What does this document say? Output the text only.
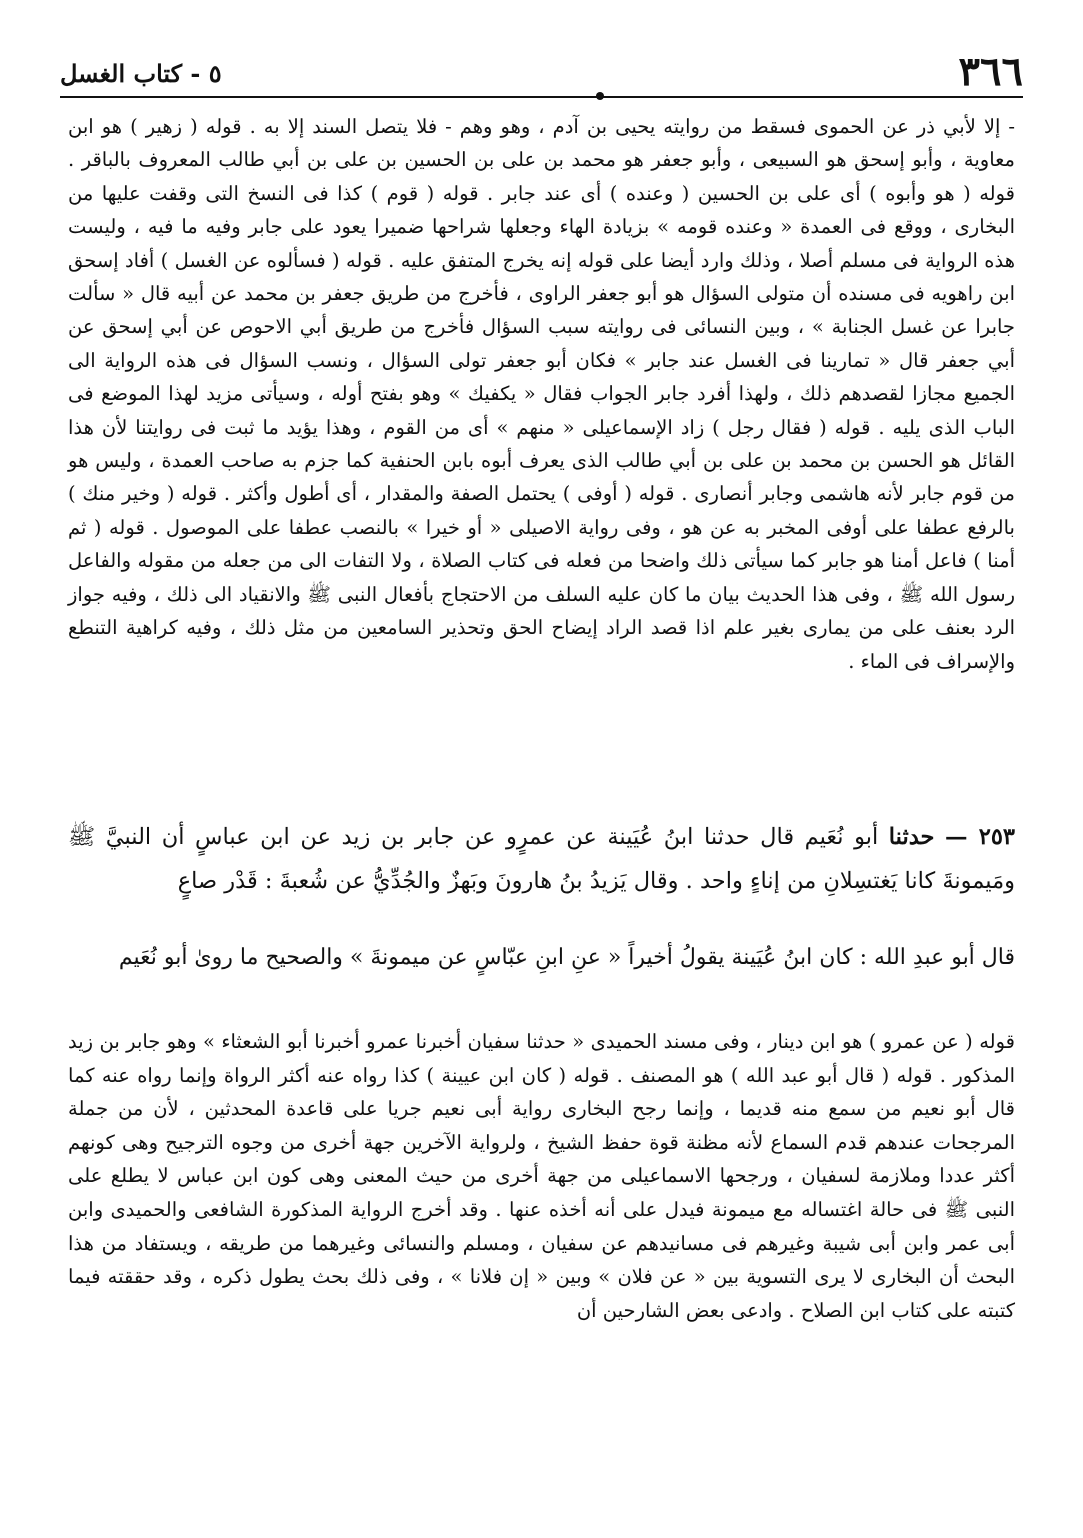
٣٦٦
٥ - كتاب الغسل

- إلا لأبي ذر عن الحموى فسقط من روايته يحيى بن آدم ، وهو وهم - فلا يتصل السند إلا به . قوله ( زهير ) هو ابن معاوية ، وأبو إسحق هو السبيعى ، وأبو جعفر هو محمد بن على بن الحسين بن على بن أبي طالب المعروف بالباقر . قوله ( هو وأبوه ) أى على بن الحسين ( وعنده ) أى عند جابر . قوله ( قوم ) كذا فى النسخ التى وقفت عليها من البخارى ، ووقع فى العمدة « وعنده قومه » بزيادة الهاء وجعلها شراحها ضميرا يعود على جابر وفيه ما فيه ، وليست هذه الرواية فى مسلم أصلا ، وذلك وارد أيضا على قوله إنه يخرج المتفق عليه . قوله ( فسألوه عن الغسل ) أفاد إسحق ابن راهويه فى مسنده أن متولى السؤال هو أبو جعفر الراوى ، فأخرج من طريق جعفر بن محمد عن أبيه قال « سألت جابرا عن غسل الجنابة » ، وبين النسائى فى روايته سبب السؤال فأخرج من طريق أبي الاحوص عن أبي إسحق عن أبي جعفر قال « تمارينا فى الغسل عند جابر » فكان أبو جعفر تولى السؤال ، ونسب السؤال فى هذه الرواية الى الجميع مجازا لقصدهم ذلك ، ولهذا أفرد جابر الجواب فقال « يكفيك » وهو بفتح أوله ، وسيأتى مزيد لهذا الموضع فى الباب الذى يليه . قوله ( فقال رجل ) زاد الإسماعيلى « منهم » أى من القوم ، وهذا يؤيد ما ثبت فى روايتنا لأن هذا القائل هو الحسن بن محمد بن على بن أبي طالب الذى يعرف أبوه بابن الحنفية كما جزم به صاحب العمدة ، وليس هو من قوم جابر لأنه هاشمى وجابر أنصارى . قوله ( أوفى ) يحتمل الصفة والمقدار ، أى أطول وأكثر . قوله ( وخير منك ) بالرفع عطفا على أوفى المخبر به عن هو ، وفى رواية الاصيلى « أو خيرا » بالنصب عطفا على الموصول . قوله ( ثم أمنا ) فاعل أمنا هو جابر كما سيأتى ذلك واضحا من فعله فى كتاب الصلاة ، ولا التفات الى من جعله من مقوله والفاعل رسول الله ﷺ ، وفى هذا الحديث بيان ما كان عليه السلف من الاحتجاج بأفعال النبى ﷺ والانقياد الى ذلك ، وفيه جواز الرد بعنف على من يمارى بغير علم اذا قصد الراد إيضاح الحق وتحذير السامعين من مثل ذلك ، وفيه كراهية التنطع والإسراف فى الماء .

٢٥٣ — حدثنا أبو نُعَيم قال حدثنا ابنُ عُيَينة عن عمرٍو عن جابر بن زيد عن ابن عباسٍ أن النبيَّ ﷺ ومَيمونةَ كانا يَغتسِلانِ من إناءٍ واحد . وقال يَزيدُ بنُ هارونَ وبَهزٌ والجُدِّيُّ عن شُعبةَ : قَدْر صاعٍ

قال أبو عبدِ الله : كان ابنُ عُيَينة يقولُ أخيراً « عنِ ابنِ عبّاسٍ عن ميمونةَ » والصحيح ما روىٰ أبو نُعَيم

قوله ( عن عمرو ) هو ابن دينار ، وفى مسند الحميدى « حدثنا سفيان أخبرنا عمرو أخبرنا أبو الشعثاء » وهو جابر بن زيد المذكور . قوله ( قال أبو عبد الله ) هو المصنف . قوله ( كان ابن عيينة ) كذا رواه عنه أكثر الرواة وإنما رواه عنه كما قال أبو نعيم من سمع منه قديما ، وإنما رجح البخارى رواية أبى نعيم جريا على قاعدة المحدثين ، لأن من جملة المرجحات عندهم قدم السماع لأنه مظنة قوة حفظ الشيخ ، ولرواية الآخرين جهة أخرى من وجوه الترجيح وهى كونهم أكثر عددا وملازمة لسفيان ، ورجحها الاسماعيلى من جهة أخرى من حيث المعنى وهى كون ابن عباس لا يطلع على النبى ﷺ فى حالة اغتساله مع ميمونة فيدل على أنه أخذه عنها . وقد أخرج الرواية المذكورة الشافعى والحميدى وابن أبى عمر وابن أبى شيبة وغيرهم فى مسانيدهم عن سفيان ، ومسلم والنسائى وغيرهما من طريقه ، ويستفاد من هذا البحث أن البخارى لا يرى التسوية بين « عن فلان » وبين « إن فلانا » ، وفى ذلك بحث يطول ذكره ، وقد حققته فيما كتبته على كتاب ابن الصلاح . وادعى بعض الشارحين أن
